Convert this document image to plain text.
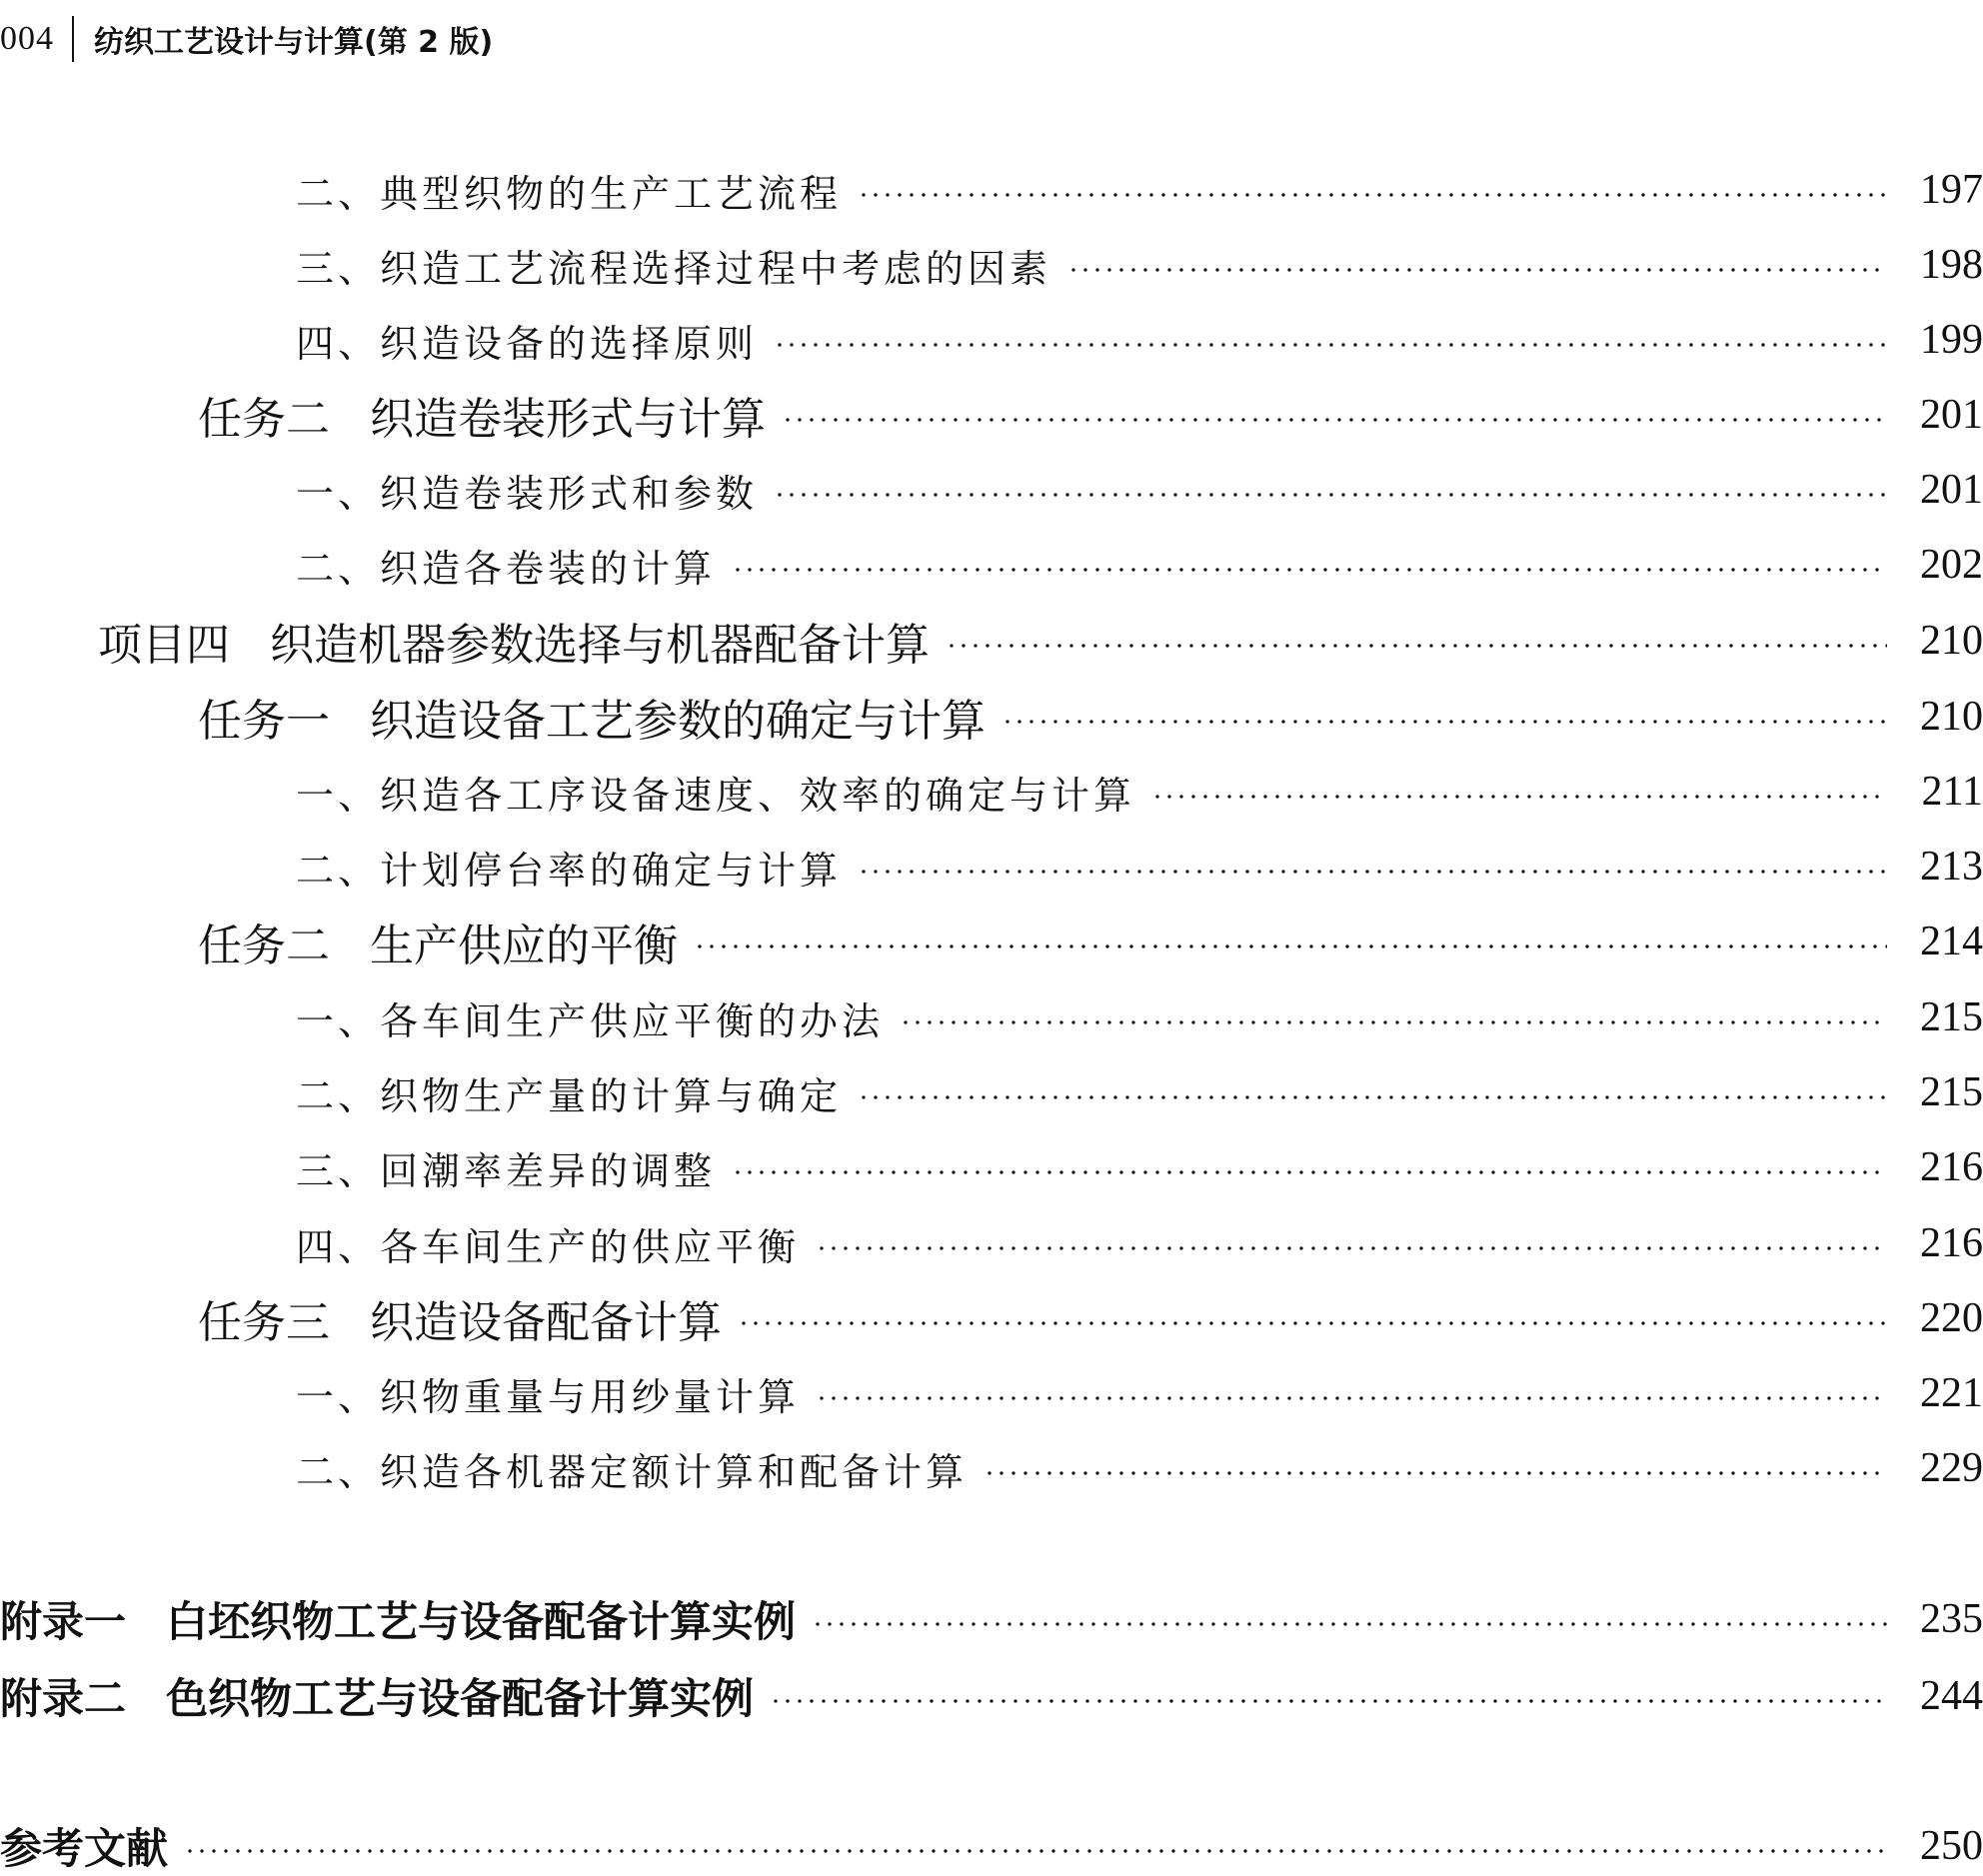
004 纺织工艺设计与计算(第 2 版)
二、典型织物的生产工艺流程	197
三、织造工艺流程选择过程中考虑的因素	198
四、织造设备的选择原则	199
任务二 织造卷装形式与计算	201
一、织造卷装形式和参数	201
二、织造各卷装的计算	202
项目四 织造机器参数选择与机器配备计算	210
任务一 织造设备工艺参数的确定与计算	210
一、织造各工序设备速度、效率的确定与计算	211
二、计划停台率的确定与计算	213
任务二 生产供应的平衡	214
一、各车间生产供应平衡的办法	215
二、织物生产量的计算与确定	215
三、回潮率差异的调整	216
四、各车间生产的供应平衡	216
任务三 织造设备配备计算	220
一、织物重量与用纱量计算	221
二、织造各机器定额计算和配备计算	229
附录一 白坯织物工艺与设备配备计算实例	235
附录二 色织物工艺与设备配备计算实例	244
参考文献	250
